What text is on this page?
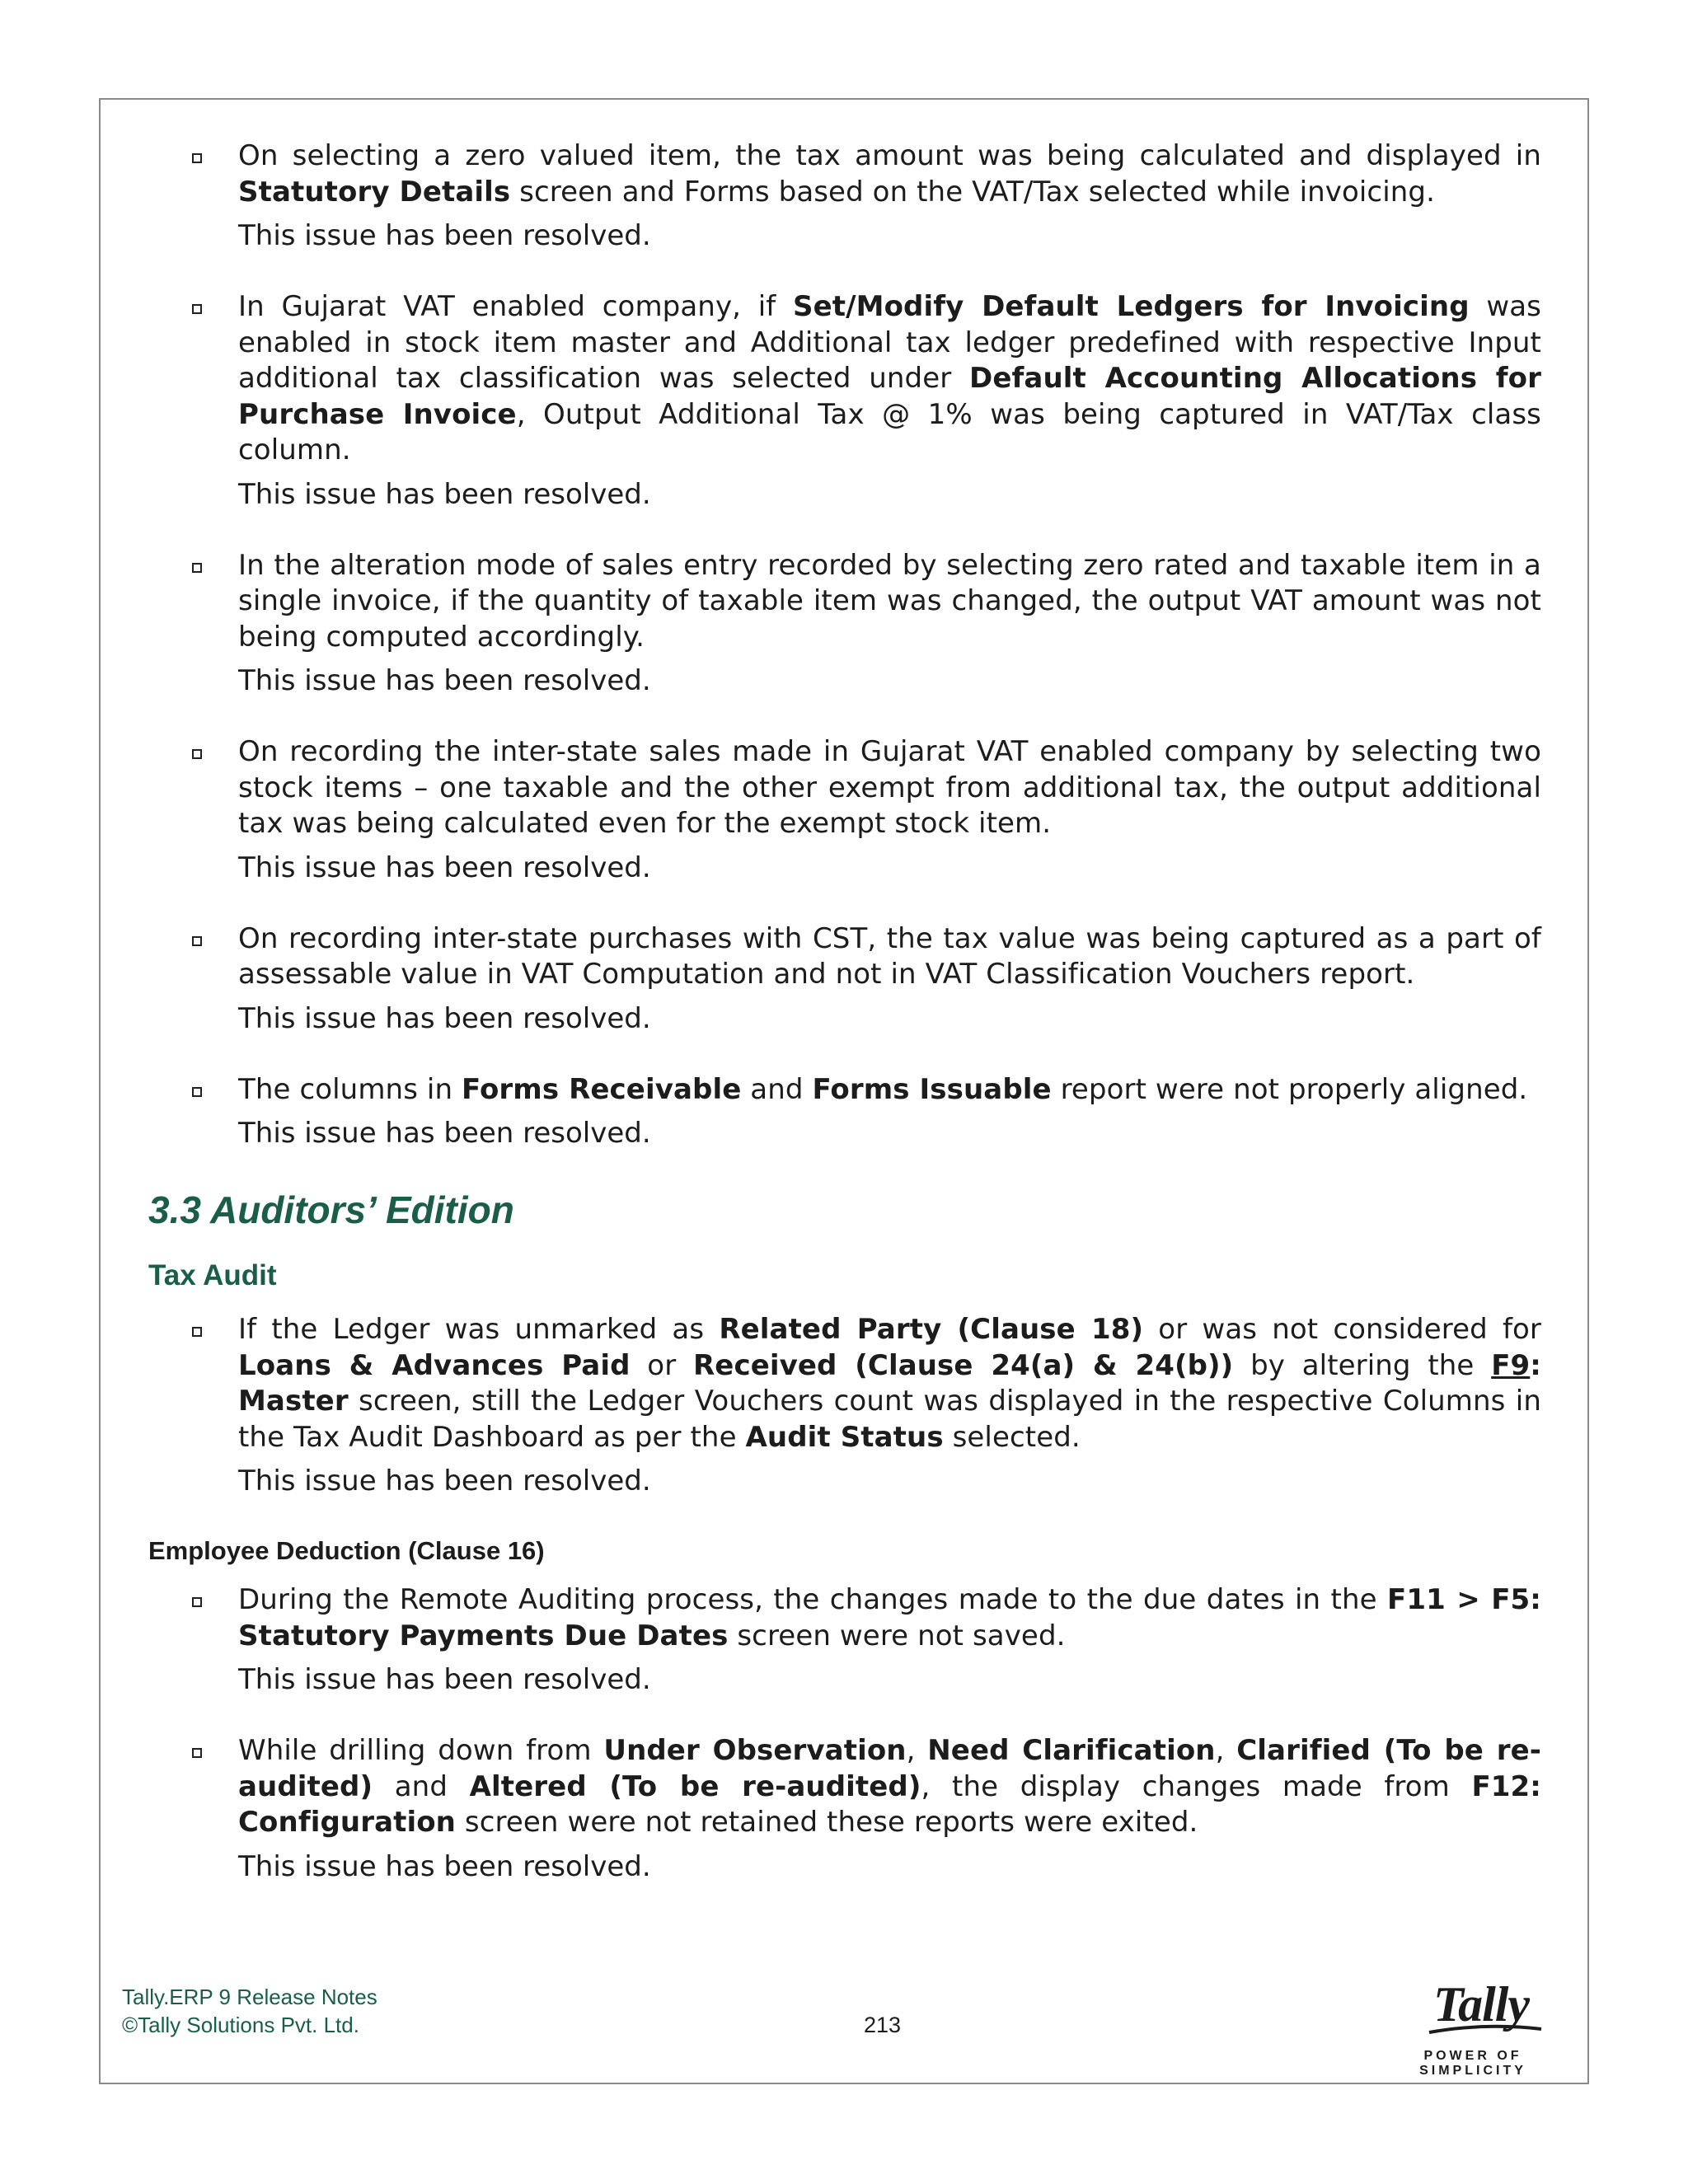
On selecting a zero valued item, the tax amount was being calculated and displayed in Statutory Details screen and Forms based on the VAT/Tax selected while invoicing.

This issue has been resolved.

In Gujarat VAT enabled company, if Set/Modify Default Ledgers for Invoicing was enabled in stock item master and Additional tax ledger predefined with respective Input additional tax classification was selected under Default Accounting Allocations for Purchase Invoice, Output Additional Tax @ 1% was being captured in VAT/Tax class column.

This issue has been resolved.

In the alteration mode of sales entry recorded by selecting zero rated and taxable item in a single invoice, if the quantity of taxable item was changed, the output VAT amount was not being computed accordingly.

This issue has been resolved.

On recording the inter-state sales made in Gujarat VAT enabled company by selecting two stock items – one taxable and the other exempt from additional tax, the output additional tax was being calculated even for the exempt stock item.

This issue has been resolved.

On recording inter-state purchases with CST, the tax value was being captured as a part of assessable value in VAT Computation and not in VAT Classification Vouchers report.

This issue has been resolved.

The columns in Forms Receivable and Forms Issuable report were not properly aligned.

This issue has been resolved.
3.3 Auditors’ Edition
Tax Audit

If the Ledger was unmarked as Related Party (Clause 18) or was not considered for Loans & Advances Paid or Received (Clause 24(a) & 24(b)) by altering the F9: Master screen, still the Ledger Vouchers count was displayed in the respective Columns in the Tax Audit Dashboard as per the Audit Status selected.

This issue has been resolved.
Employee Deduction (Clause 16)

During the Remote Auditing process, the changes made to the due dates in the F11 > F5: Statutory Payments Due Dates screen were not saved.

This issue has been resolved.

While drilling down from Under Observation, Need Clarification, Clarified (To be re-audited) and Altered (To be re-audited), the display changes made from F12: Configuration screen were not retained these reports were exited.

This issue has been resolved.
Tally.ERP 9 Release Notes
©Tally Solutions Pvt. Ltd.	213	Tally
POWER OF SIMPLICITY
